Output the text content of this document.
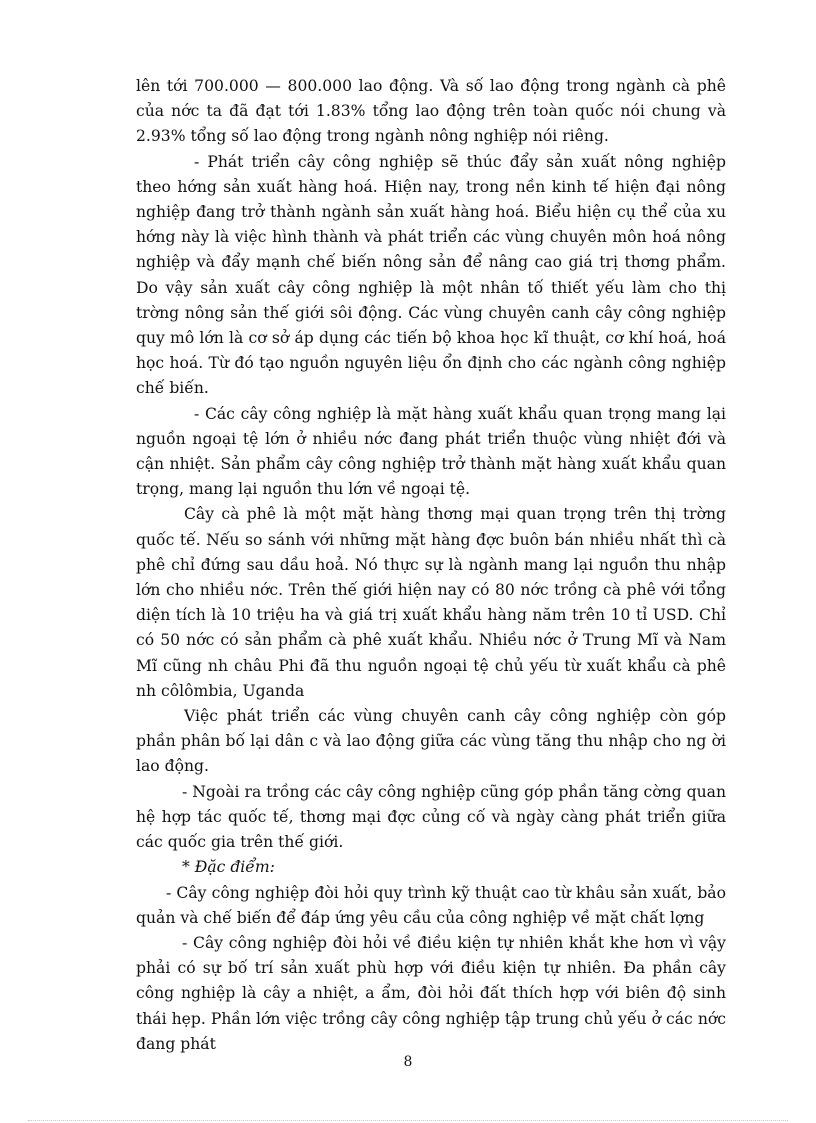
lên tới 700.000 — 800.000 lao động. Và số lao động trong ngành cà phê của nớc ta đã đạt tới 1.83% tổng lao động trên toàn quốc nói chung và 2.93% tổng số lao động trong ngành nông nghiệp nói riêng.

- Phát triển cây công nghiệp sẽ thúc đẩy sản xuất nông nghiệp theo hớng sản xuất hàng hoá. Hiện nay, trong nền kinh tế hiện đại nông nghiệp đang trở thành ngành sản xuất hàng hoá. Biểu hiện cụ thể của xu hớng này là việc hình thành và phát triển các vùng chuyên môn hoá nông nghiệp và đẩy mạnh chế biến nông sản để nâng cao giá trị thơng phẩm. Do vậy sản xuất cây công nghiệp là một nhân tố thiết yếu làm cho thị trờng nông sản thế giới sôi động. Các vùng chuyên canh cây công nghiệp quy mô lớn là cơ sở áp dụng các tiến bộ khoa học kĩ thuật, cơ khí hoá, hoá học hoá. Từ đó tạo nguồn nguyên liệu ổn định cho các ngành công nghiệp chế biến.

- Các cây công nghiệp là mặt hàng xuất khẩu quan trọng mang lại nguồn ngoại tệ lớn ở nhiều nớc đang phát triển thuộc vùng nhiệt đới và cận nhiệt. Sản phẩm cây công nghiệp trở thành mặt hàng xuất khẩu quan trọng, mang lại nguồn thu lớn về ngoại tệ.

Cây cà phê là một mặt hàng thơng mại quan trọng trên thị trờng quốc tế. Nếu so sánh với những mặt hàng đợc buôn bán nhiều nhất thì cà phê chỉ đứng sau dầu hoả. Nó thực sự là ngành mang lại nguồn thu nhập lớn cho nhiều nớc. Trên thế giới hiện nay có 80 nớc trồng cà phê với tổng diện tích là 10 triệu ha và giá trị xuất khẩu hàng năm trên 10 tỉ USD. Chỉ có 50 nớc có sản phẩm cà phê xuất khẩu. Nhiều nớc ở Trung Mĩ và Nam Mĩ cũng nh châu Phi đã thu nguồn ngoại tệ chủ yếu từ xuất khẩu cà phê nh côlômbia, Uganda

Việc phát triển các vùng chuyên canh cây công nghiệp còn góp phần phân bố lại dân c và lao động giữa các vùng tăng thu nhập cho ng ời lao động.

- Ngoài ra trồng các cây công nghiệp cũng góp phần tăng cờng quan hệ hợp tác quốc tế, thơng mại đợc củng cố và ngày càng phát triển giữa các quốc gia trên thế giới.

* Đặc điểm:

- Cây công nghiệp đòi hỏi quy trình kỹ thuật cao từ khâu sản xuất, bảo quản và chế biến để đáp ứng yêu cầu của công nghiệp về mặt chất lợng

- Cây công nghiệp đòi hỏi về điều kiện tự nhiên khắt khe hơn vì vậy phải có sự bố trí sản xuất phù hợp với điều kiện tự nhiên. Đa phần cây công nghiệp là cây a nhiệt, a ẩm, đòi hỏi đất thích hợp với biên độ sinh thái hẹp. Phần lớn việc trồng cây công nghiệp tập trung chủ yếu ở các nớc đang phát

8
